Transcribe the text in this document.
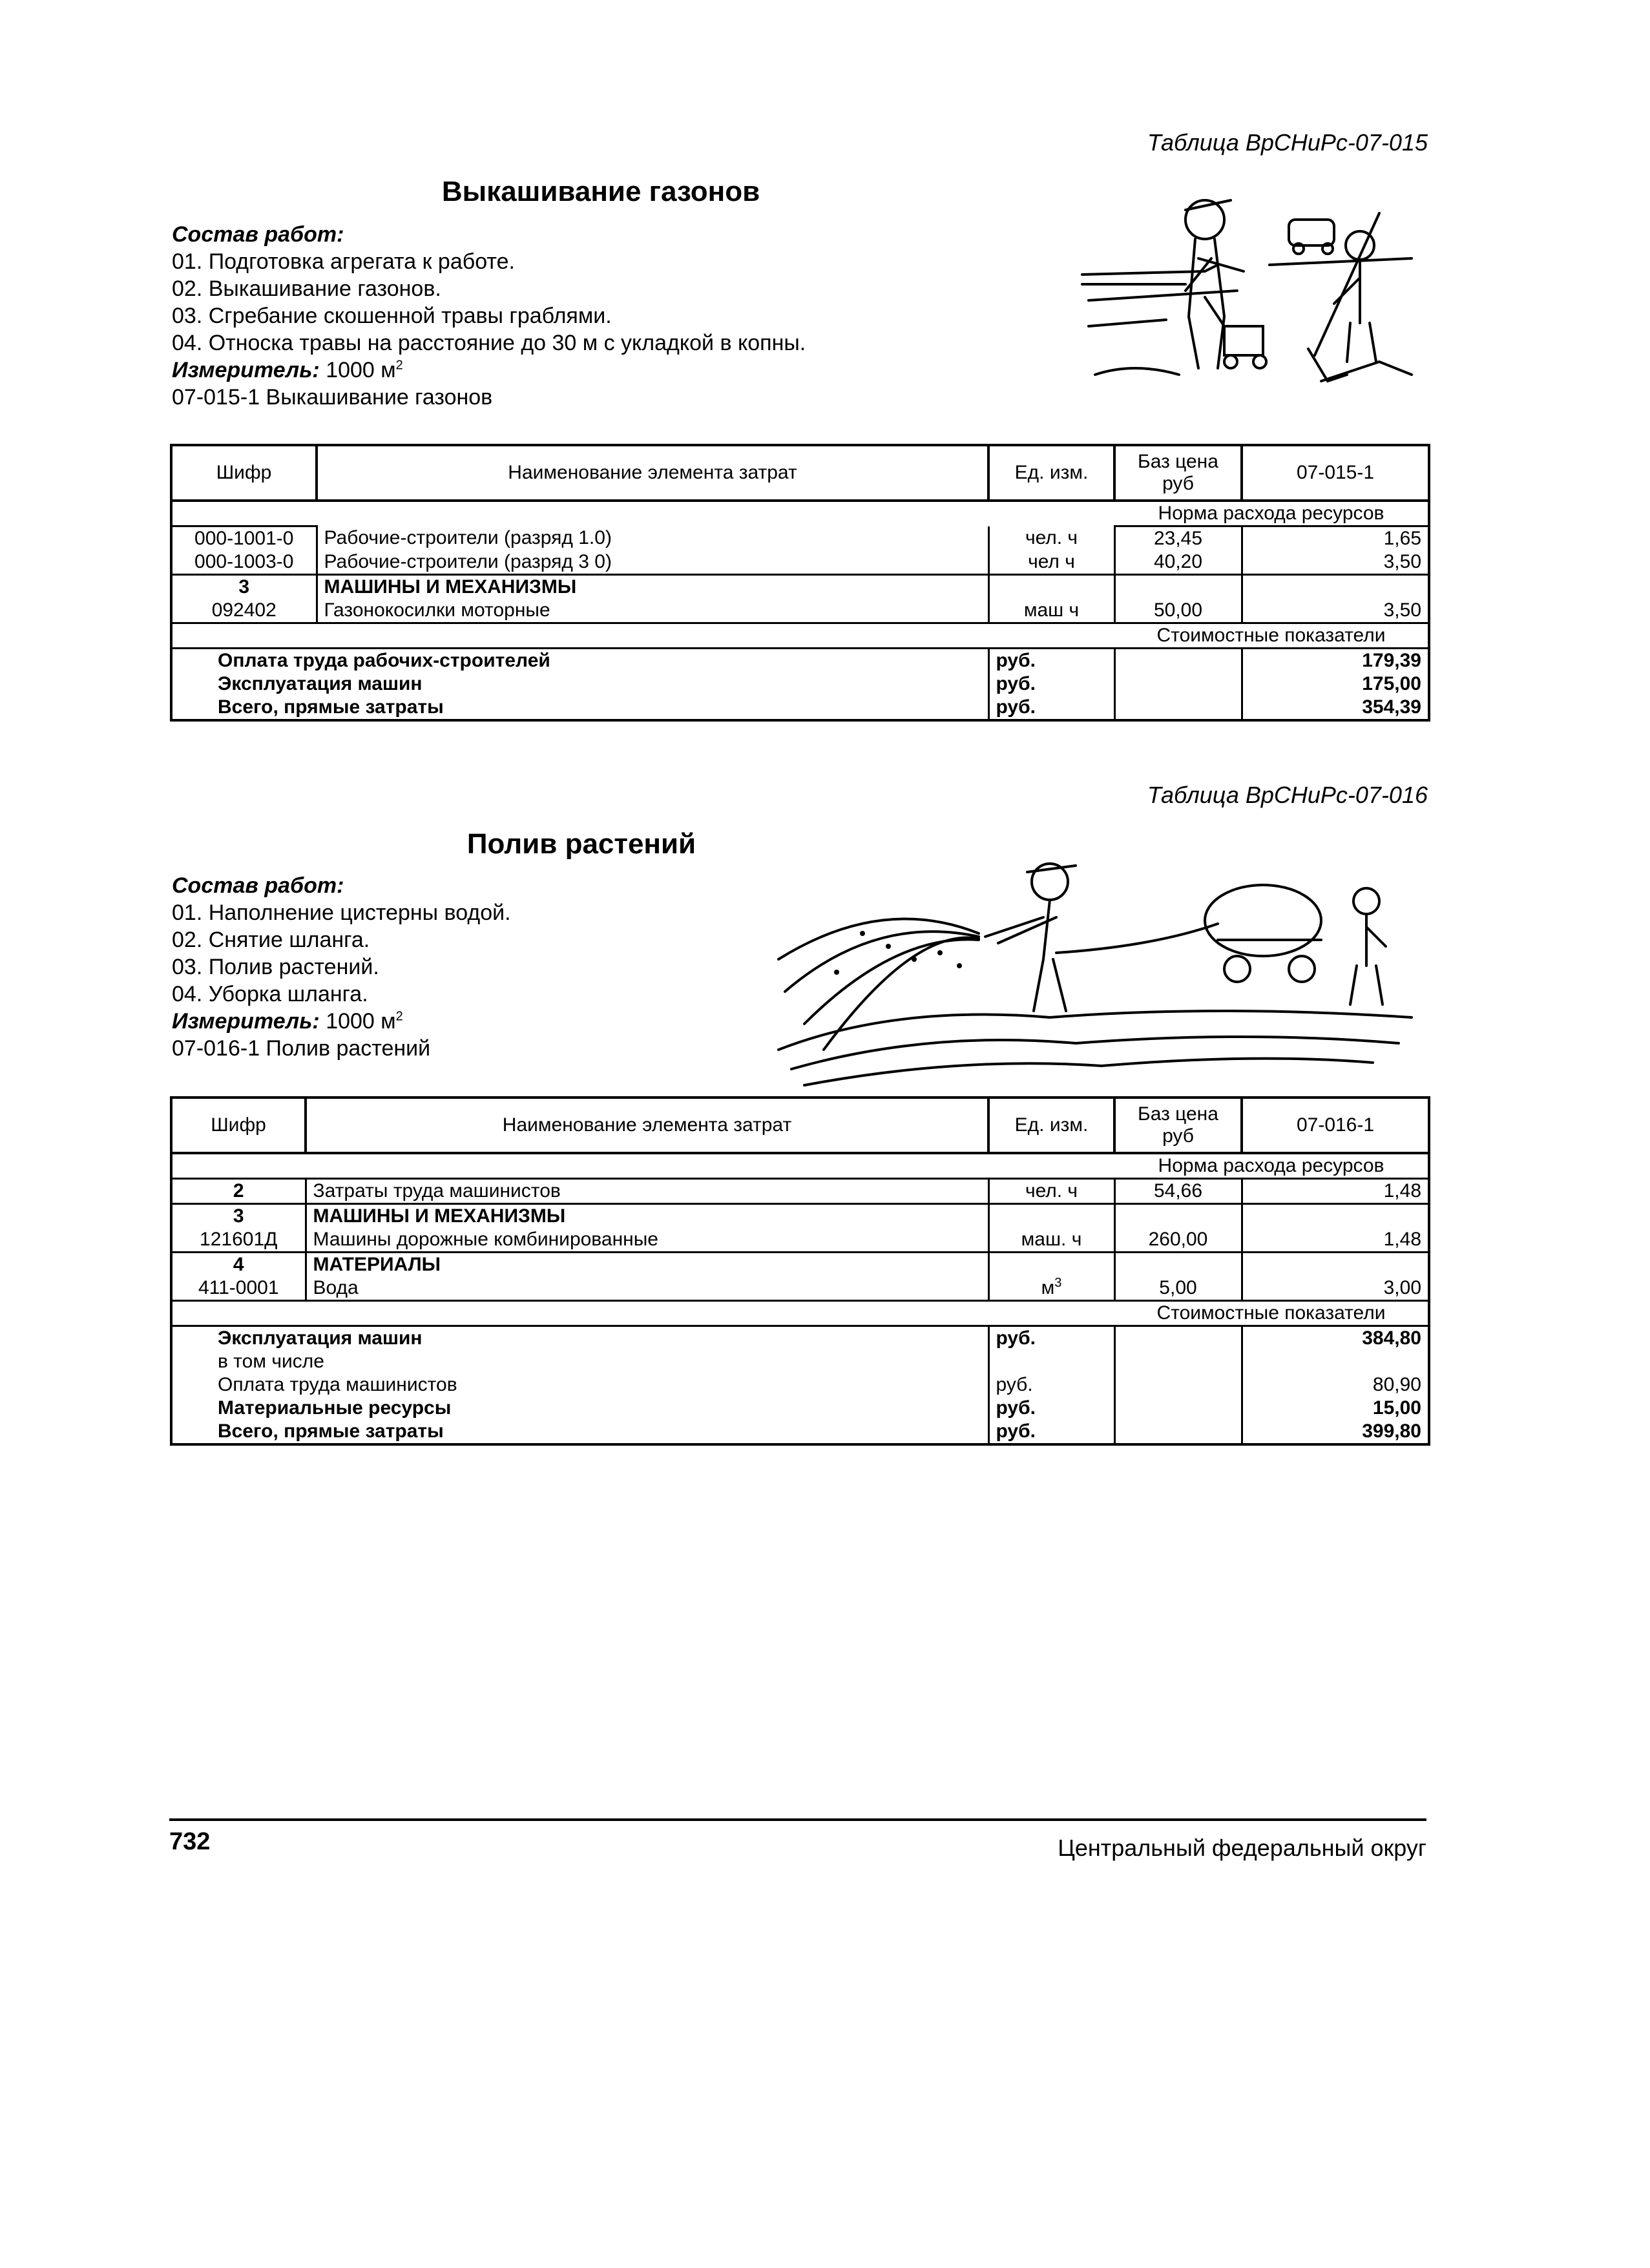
Таблица ВрСНиРс-07-015
Выкашивание газонов
Состав работ:
01. Подготовка агрегата к работе.
02. Выкашивание газонов.
03. Сгребание скошенной травы граблями.
04. Относка травы на расстояние до 30 м с укладкой в копны.
Измеритель: 1000 $м^2$
07-015-1 Выкашивание газонов
Шифр	Наименование элемента затрат	Ед. изм.	Баз цена руб	07-015-1
			Норма расхода ресурсов	
000-1001-0	Рабочие-строители (разряд 1.0)	чел. ч	23,45	1,65
000-1003-0	Рабочие-строители (разряд 3 0)	чел ч	40,20	3,50
3	МАШИНЫ И МЕХАНИЗМЫ			
092402	Газонокосилки моторные	маш ч	50,00	3,50
			Стоимостные показатели	
Оплата труда рабочих-строителей		руб.		179,39
Эксплуатация машин		руб.		175,00
Всего, прямые затраты		руб.		354,39
Таблица ВрСНиРс-07-016
Полив растений
Состав работ:
01. Наполнение цистерны водой.
02. Снятие шланга.
03. Полив растений.
04. Уборка шланга.
Измеритель: 1000 $м^2$
07-016-1 Полив растений
Шифр	Наименование элемента затрат	Ед. изм.	Баз цена руб	07-016-1
			Норма расхода ресурсов	
2	Затраты труда машинистов	чел. ч	54,66	1,48
3	МАШИНЫ И МЕХАНИЗМЫ			
121601Д	Машины дорожные комбинированные	маш. ч	260,00	1,48
4	МАТЕРИАЛЫ			
411-0001	Вода	$м^3$	5,00	3,00
			Стоимостные показатели	
Эксплуатация машин		руб.		384,80
в том числе				
Оплата труда машинистов		руб.		80,90
Материальные ресурсы		руб.		15,00
Всего, прямые затраты		руб.		399,80
732	Центральный федеральный округ
